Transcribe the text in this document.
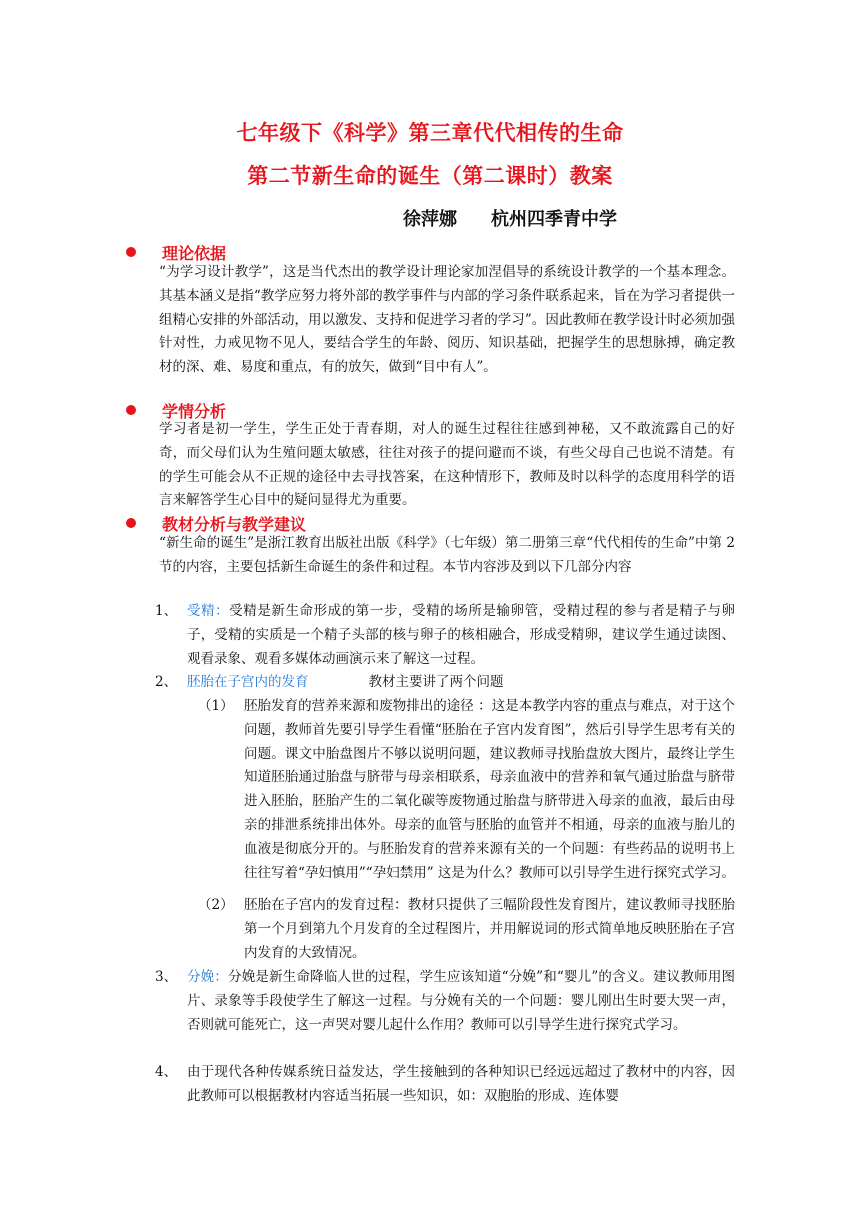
七年级下《科学》第三章代代相传的生命
第二节新生命的诞生（第二课时）教案
徐萍娜 杭州四季青中学
理论依据
“为学习设计教学”，这是当代杰出的教学设计理论家加涅倡导的系统设计教学的一个基本理念。其基本涵义是指“教学应努力将外部的教学事件与内部的学习条件联系起来，旨在为学习者提供一组精心安排的外部活动，用以激发、支持和促进学习者的学习”。因此教师在教学设计时必须加强针对性，力戒见物不见人，要结合学生的年龄、阅历、知识基础，把握学生的思想脉搏，确定教材的深、难、易度和重点，有的放矢，做到“目中有人”。
学情分析
学习者是初一学生，学生正处于青春期，对人的诞生过程往往感到神秘，又不敢流露自己的好奇，而父母们认为生殖问题太敏感，往往对孩子的提问避而不谈，有些父母自己也说不清楚。有的学生可能会从不正规的途径中去寻找答案，在这种情形下，教师及时以科学的态度用科学的语言来解答学生心目中的疑问显得尤为重要。
教材分析与教学建议
“新生命的诞生”是浙江教育出版社出版《科学》（七年级）第二册第三章“代代相传的生命”中第 2 节的内容，主要包括新生命诞生的条件和过程。本节内容涉及到以下几部分内容
1、 受精：受精是新生命形成的第一步，受精的场所是输卵管，受精过程的参与者是精子与卵子，受精的实质是一个精子头部的核与卵子的核相融合，形成受精卵，建议学生通过读图、观看录象、观看多媒体动画演示来了解这一过程。
2、 胚胎在子宫内的发育	教材主要讲了两个问题
（1） 胚胎发育的营养来源和废物排出的途径 ：这是本教学内容的重点与难点，对于这个问题，教师首先要引导学生看懂“胚胎在子宫内发育图”，然后引导学生思考有关的问题。课文中胎盘图片不够以说明问题，建议教师寻找胎盘放大图片，最终让学生知道胚胎通过胎盘与脐带与母亲相联系，母亲血液中的营养和氧气通过胎盘与脐带进入胚胎，胚胎产生的二氧化碳等废物通过胎盘与脐带进入母亲的血液，最后由母亲的排泄系统排出体外。母亲的血管与胚胎的血管并不相通，母亲的血液与胎儿的血液是彻底分开的。与胚胎发育的营养来源有关的一个问题：有些药品的说明书上往往写着“孕妇慎用”“孕妇禁用” 这是为什么？教师可以引导学生进行探究式学习。
（2） 胚胎在子宫内的发育过程：教材只提供了三幅阶段性发育图片，建议教师寻找胚胎第一个月到第九个月发育的全过程图片，并用解说词的形式简单地反映胚胎在子宫内发育的大致情况。
3、 分娩：分娩是新生命降临人世的过程，学生应该知道“分娩”和“婴儿”的含义。建议教师用图片、录象等手段使学生了解这一过程。与分娩有关的一个问题：婴儿刚出生时要大哭一声，否则就可能死亡，这一声哭对婴儿起什么作用？教师可以引导学生进行探究式学习。
4、 由于现代各种传媒系统日益发达，学生接触到的各种知识已经远远超过了教材中的内容，因此教师可以根据教材内容适当拓展一些知识，如：双胞胎的形成、连体婴
